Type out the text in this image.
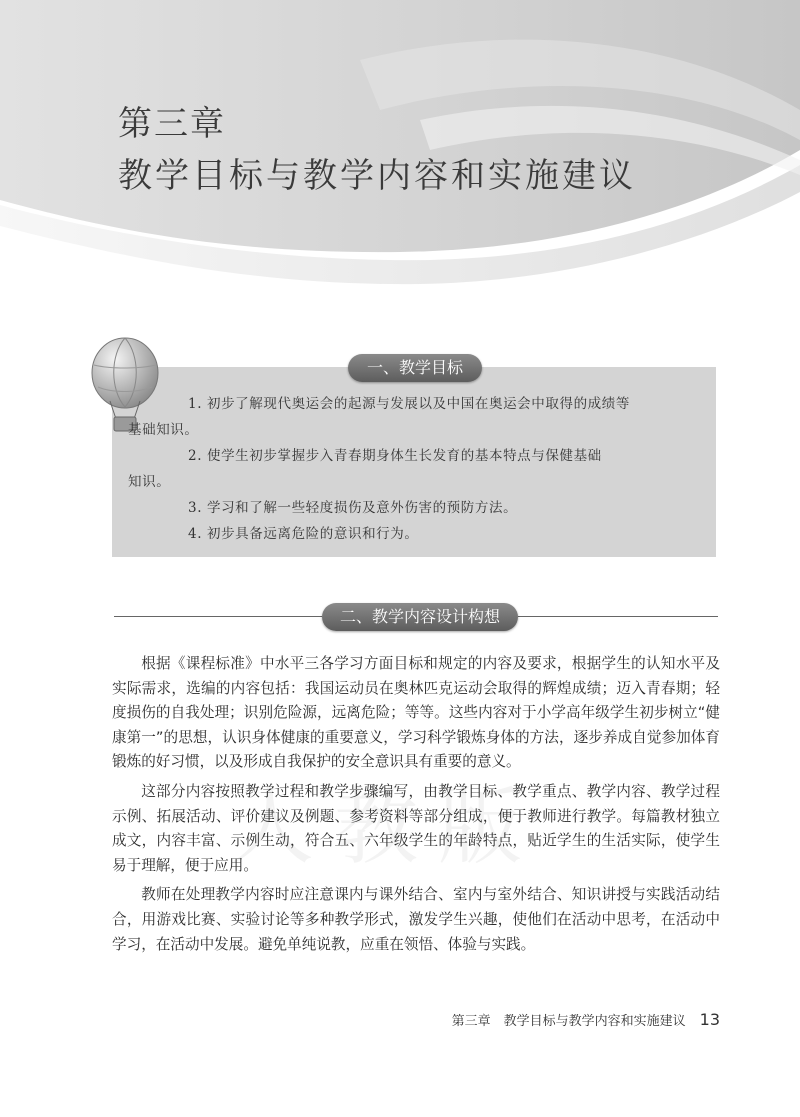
第三章
教学目标与教学内容和实施建议
一、教学目标

1. 初步了解现代奥运会的起源与发展以及中国在奥运会中取得的成绩等

基础知识。

2. 使学生初步掌握步入青春期身体生长发育的基本特点与保健基础

知识。

3. 学习和了解一些轻度损伤及意外伤害的预防方法。

4. 初步具备远离危险的意识和行为。

二、教学内容设计构想

根据《课程标准》中水平三各学习方面目标和规定的内容及要求，根据学生的认知水平及实际需求，选编的内容包括：我国运动员在奥林匹克运动会取得的辉煌成绩；迈入青春期；轻度损伤的自我处理；识别危险源，远离危险；等等。这些内容对于小学高年级学生初步树立“健康第一”的思想，认识身体健康的重要意义，学习科学锻炼身体的方法，逐步养成自觉参加体育锻炼的好习惯，以及形成自我保护的安全意识具有重要的意义。

这部分内容按照教学过程和教学步骤编写，由教学目标、教学重点、教学内容、教学过程示例、拓展活动、评价建议及例题、参考资料等部分组成，便于教师进行教学。每篇教材独立成文，内容丰富、示例生动，符合五、六年级学生的年龄特点，贴近学生的生活实际，使学生易于理解，便于应用。

教师在处理教学内容时应注意课内与课外结合、室内与室外结合、知识讲授与实践活动结合，用游戏比赛、实验讨论等多种教学形式，激发学生兴趣，使他们在活动中思考，在活动中学习，在活动中发展。避免单纯说教，应重在领悟、体验与实践。

第三章　教学目标与教学内容和实施建议 13
